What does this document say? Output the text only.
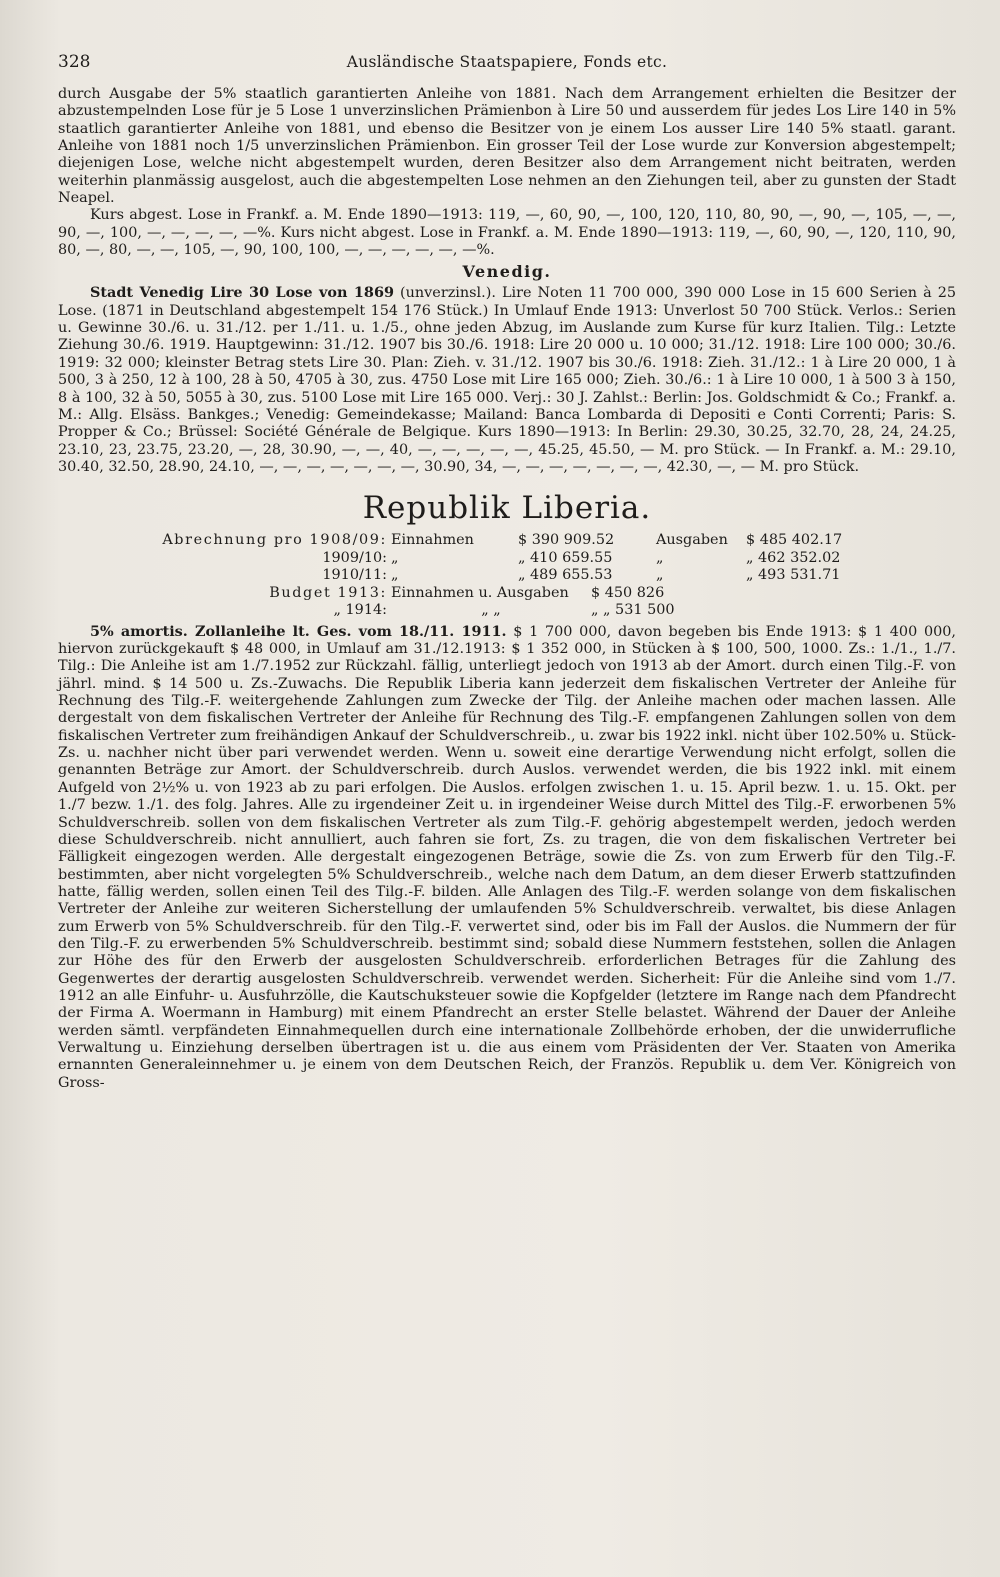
328	Ausländische Staatspapiere, Fonds etc.

durch Ausgabe der 5% staatlich garantierten Anleihe von 1881. Nach dem Arrangement erhielten die Besitzer der abzustempelnden Lose für je 5 Lose 1 unverzinslichen Prämienbon à Lire 50 und ausserdem für jedes Los Lire 140 in 5% staatlich garantierter Anleihe von 1881, und ebenso die Besitzer von je einem Los ausser Lire 140 5% staatl. garant. Anleihe von 1881 noch 1/5 unverzinslichen Prämienbon. Ein grosser Teil der Lose wurde zur Konversion abgestempelt; diejenigen Lose, welche nicht abgestempelt wurden, deren Besitzer also dem Arrangement nicht beitraten, werden weiterhin planmässig ausgelost, auch die abgestempelten Lose nehmen an den Ziehungen teil, aber zu gunsten der Stadt Neapel.

Kurs abgest. Lose in Frankf. a. M. Ende 1890—1913: 119, —, 60, 90, —, 100, 120, 110, 80, 90, —, 90, —, 105, —, —, 90, —, 100, —, —, —, —, —%. Kurs nicht abgest. Lose in Frankf. a. M. Ende 1890—1913: 119, —, 60, 90, —, 120, 110, 90, 80, —, 80, —, —, 105, —, 90, 100, 100, —, —, —, —, —, —%.

Venedig.

Stadt Venedig Lire 30 Lose von 1869 (unverzinsl.). Lire Noten 11 700 000, 390 000 Lose in 15 600 Serien à 25 Lose. (1871 in Deutschland abgestempelt 154 176 Stück.) In Umlauf Ende 1913: Unverlost 50 700 Stück. Verlos.: Serien u. Gewinne 30./6. u. 31./12. per 1./11. u. 1./5., ohne jeden Abzug, im Auslande zum Kurse für kurz Italien. Tilg.: Letzte Ziehung 30./6. 1919. Hauptgewinn: 31./12. 1907 bis 30./6. 1918: Lire 20 000 u. 10 000; 31./12. 1918: Lire 100 000; 30./6. 1919: 32 000; kleinster Betrag stets Lire 30. Plan: Zieh. v. 31./12. 1907 bis 30./6. 1918: Zieh. 31./12.: 1 à Lire 20 000, 1 à 500, 3 à 250, 12 à 100, 28 à 50, 4705 à 30, zus. 4750 Lose mit Lire 165 000; Zieh. 30./6.: 1 à Lire 10 000, 1 à 500 3 à 150, 8 à 100, 32 à 50, 5055 à 30, zus. 5100 Lose mit Lire 165 000. Verj.: 30 J. Zahlst.: Berlin: Jos. Goldschmidt & Co.; Frankf. a. M.: Allg. Elsäss. Bankges.; Venedig: Gemeindekasse; Mailand: Banca Lombarda di Depositi e Conti Correnti; Paris: S. Propper & Co.; Brüssel: Société Générale de Belgique. Kurs 1890—1913: In Berlin: 29.30, 30.25, 32.70, 28, 24, 24.25, 23.10, 23, 23.75, 23.20, —, 28, 30.90, —, —, 40, —, —, —, —, —, 45.25, 45.50, — M. pro Stück. — In Frankf. a. M.: 29.10, 30.40, 32.50, 28.90, 24.10, —, —, —, —, —, —, —, 30.90, 34, —, —, —, —, —, —, —, 42.30, —, — M. pro Stück.

Republik Liberia.
Abrechnung pro 1908/09: Einnahmen	$ 390 909.52	Ausgaben	$ 485 402.17
1909/10: „	„ 410 659.55	„	„ 462 352.02
1910/11: „	„ 489 655.53	„	„ 493 531.71
Budget 1913: Einnahmen u. Ausgaben	$ 450 826
„ 1914:	„ „	„ „ 531 500

5% amortis. Zollanleihe lt. Ges. vom 18./11. 1911. $ 1 700 000, davon begeben bis Ende 1913: $ 1 400 000, hiervon zurückgekauft $ 48 000, in Umlauf am 31./12.1913: $ 1 352 000, in Stücken à $ 100, 500, 1000. Zs.: 1./1., 1./7. Tilg.: Die Anleihe ist am 1./7.1952 zur Rückzahl. fällig, unterliegt jedoch von 1913 ab der Amort. durch einen Tilg.-F. von jährl. mind. $ 14 500 u. Zs.-Zuwachs. Die Republik Liberia kann jederzeit dem fiskalischen Vertreter der Anleihe für Rechnung des Tilg.-F. weitergehende Zahlungen zum Zwecke der Tilg. der Anleihe machen oder machen lassen. Alle dergestalt von dem fiskalischen Vertreter der Anleihe für Rechnung des Tilg.-F. empfangenen Zahlungen sollen von dem fiskalischen Vertreter zum freihändigen Ankauf der Schuldverschreib., u. zwar bis 1922 inkl. nicht über 102.50% u. Stück-Zs. u. nachher nicht über pari verwendet werden. Wenn u. soweit eine derartige Verwendung nicht erfolgt, sollen die genannten Beträge zur Amort. der Schuldverschreib. durch Auslos. verwendet werden, die bis 1922 inkl. mit einem Aufgeld von 2½% u. von 1923 ab zu pari erfolgen. Die Auslos. erfolgen zwischen 1. u. 15. April bezw. 1. u. 15. Okt. per 1./7 bezw. 1./1. des folg. Jahres. Alle zu irgendeiner Zeit u. in irgendeiner Weise durch Mittel des Tilg.-F. erworbenen 5% Schuldverschreib. sollen von dem fiskalischen Vertreter als zum Tilg.-F. gehörig abgestempelt werden, jedoch werden diese Schuldverschreib. nicht annulliert, auch fahren sie fort, Zs. zu tragen, die von dem fiskalischen Vertreter bei Fälligkeit eingezogen werden. Alle dergestalt eingezogenen Beträge, sowie die Zs. von zum Erwerb für den Tilg.-F. bestimmten, aber nicht vorgelegten 5% Schuldverschreib., welche nach dem Datum, an dem dieser Erwerb stattzufinden hatte, fällig werden, sollen einen Teil des Tilg.-F. bilden. Alle Anlagen des Tilg.-F. werden solange von dem fiskalischen Vertreter der Anleihe zur weiteren Sicherstellung der umlaufenden 5% Schuldverschreib. verwaltet, bis diese Anlagen zum Erwerb von 5% Schuldverschreib. für den Tilg.-F. verwertet sind, oder bis im Fall der Auslos. die Nummern der für den Tilg.-F. zu erwerbenden 5% Schuldverschreib. bestimmt sind; sobald diese Nummern feststehen, sollen die Anlagen zur Höhe des für den Erwerb der ausgelosten Schuldverschreib. erforderlichen Betrages für die Zahlung des Gegenwertes der derartig ausgelosten Schuldverschreib. verwendet werden. Sicherheit: Für die Anleihe sind vom 1./7. 1912 an alle Einfuhr- u. Ausfuhrzölle, die Kautschuksteuer sowie die Kopfgelder (letztere im Range nach dem Pfandrecht der Firma A. Woermann in Hamburg) mit einem Pfandrecht an erster Stelle belastet. Während der Dauer der Anleihe werden sämtl. verpfändeten Einnahmequellen durch eine internationale Zollbehörde erhoben, der die unwiderrufliche Verwaltung u. Einziehung derselben übertragen ist u. die aus einem vom Präsidenten der Ver. Staaten von Amerika ernannten Generaleinnehmer u. je einem von dem Deutschen Reich, der Französ. Republik u. dem Ver. Königreich von Gross-
